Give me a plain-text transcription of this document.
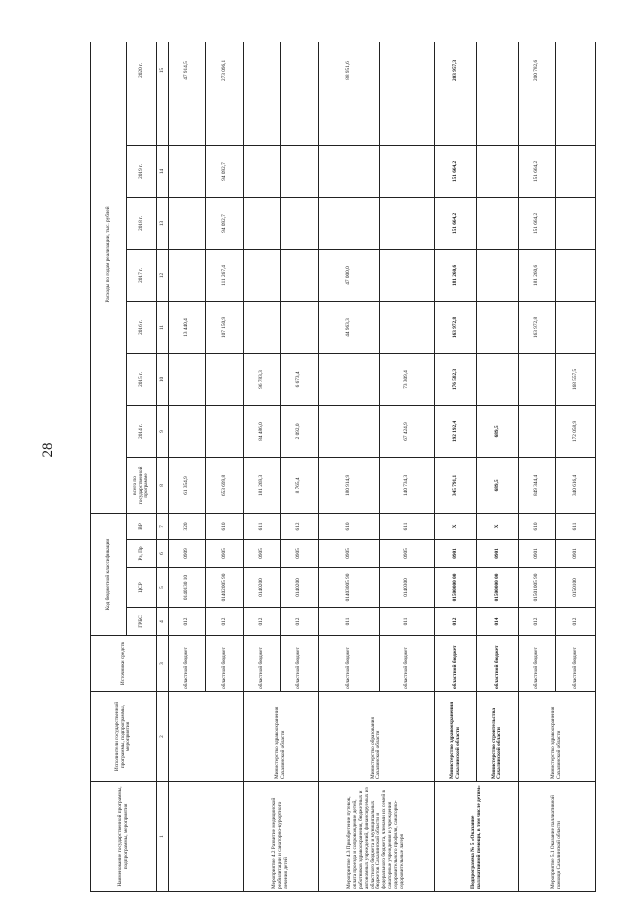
28
Наименование государственной программы, подпрограммы, мероприятия	Исполнители государственной программы, подпрограммы, мероприятия	Источники средств	Код бюджетной классификации				Расходы по годам реализации, тыс. рублей							
			ГРБС	ЦСР	Рз, Пр	ВР	всего по государственной программе	2014 г.	2015 г.	2016 г.	2017 г.	2018 г.	2019 г.	2020 г.
1	2	3	4	5	6	7	8	9	10	11	12	13	14	15
		областной бюджет	012	0140130 10	0909	320	61 354,9			13 440,4				47 914,5
		областной бюджет	012	01402005 90	0905	610	653 699,8			107 150,9	111 267,4	94 092,7	94 092,7	273 096,1
Мероприятие 4.2 Развитие медицинской реабилитации и санаторно-курортного лечения детей	Министерство здравоохранения Сахалинской области	областной бюджет	012	0140200	0905	611	181 269,3	84 486,0	96 783,3					
		областной бюджет	012	0140200	0905	612	8 765,4	2 092,0	6 673,4					
Мероприятие 4.3 Приобретение путевок, оплата проезда и сопровождение детей, работников здравоохранения, бюджетных и автономных учреждений, финансируемых из областного бюджета и муниципальных бюджетов Сахалинской области и федерального бюджета, членами их семей в санаторные учреждения и учреждения оздоровительного профиля, санаторно-оздоровительные лагеря	Министерство образования Сахалинской области	областной бюджет	011	01403005 90	0905	610	180 914,9			44 963,3	47 000,0			88 951,6
		областной бюджет	011	0140300	0905	611	140 734,3	67 424,9	73 309,4					
Подпрограмма № 5 «Оказание паллиативной помощи, в том числе детям»	Министерство здравоохранения Сахалинской области	областной бюджет	012	01500000 00	0901	X	345 791,1	192 192,4	176 582,3	163 972,8	181 260,6	151 664,2	151 664,2	203 957,3
	Министерство строительства Сахалинской области	областной бюджет	014	01500000 00	0901	X	689,5	689,5						
Мероприятие 5.1 Оказание паллиативной помощи Сахалинской области	Министерство здравоохранения Сахалинской области	областной бюджет	012	01501005 90	0901	610	849 344,4			163 972,8	181 260,6	151 664,2	151 664,2	200 782,6
		областной бюджет	012	0150100	0901	611	340 616,4	172 058,9	168 557,5					
